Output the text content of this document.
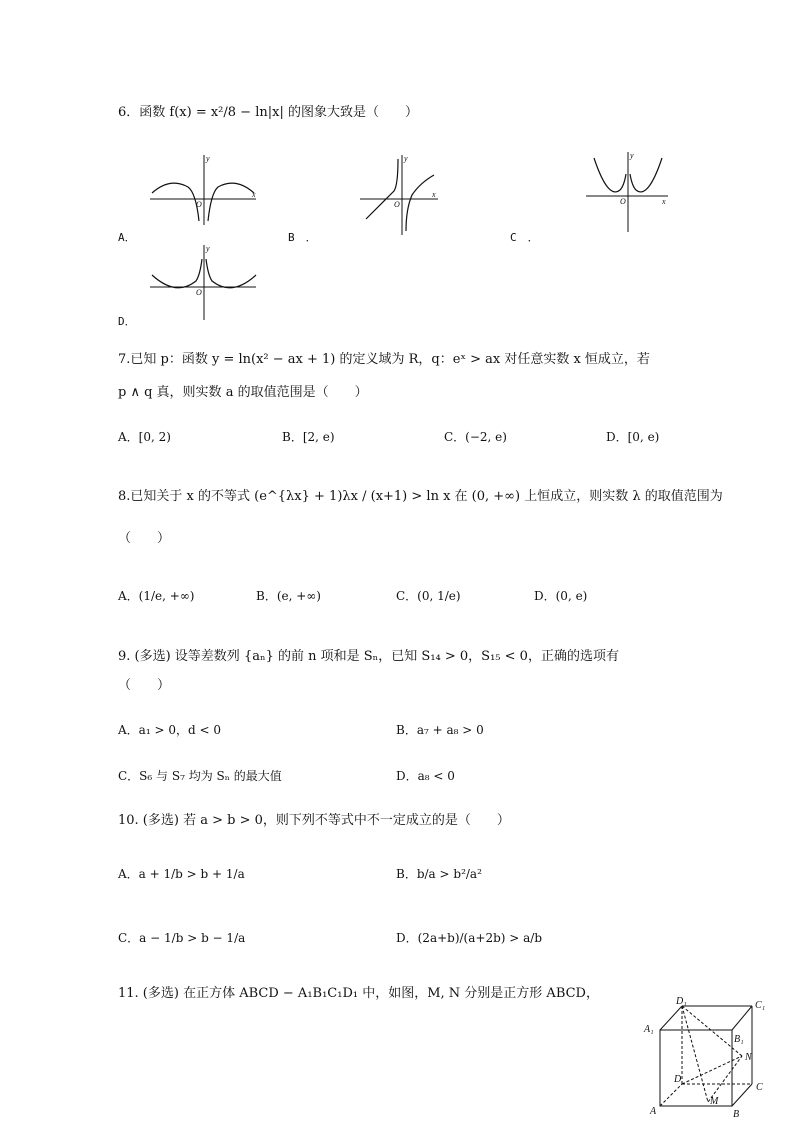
6．函数 f(x) = x²/8 − ln|x| 的图象大致是（　　）
y
x
O
A．
y
x
O
B　．
y
x
O
C　．
y
O
D．
7.已知 p：函数 y = ln(x² − ax + 1) 的定义域为 R，q：eˣ > ax 对任意实数 x 恒成立，若
p ∧ q 真，则实数 a 的取值范围是（　　）
A．[0, 2)	B．[2, e)	C．(−2, e)	D．[0, e)
8.已知关于 x 的不等式 (e^{λx} + 1)λx / (x+1) > ln x 在 (0, +∞) 上恒成立，则实数 λ 的取值范围为
（　　）
A．(1/e, +∞)	B．(e, +∞)	C．(0, 1/e)	D．(0, e)
9. (多选) 设等差数列 {aₙ} 的前 n 项和是 Sₙ，已知 S₁₄ > 0，S₁₅ < 0，正确的选项有
（　　）
A．a₁ > 0，d < 0	B．a₇ + a₈ > 0
C．S₆ 与 S₇ 均为 Sₙ 的最大值	D．a₈ < 0
10. (多选) 若 a > b > 0，则下列不等式中不一定成立的是（　　）
A．a + 1/b > b + 1/a	B．b/a > b²/a²
C．a − 1/b > b − 1/a	D．(2a+b)/(a+2b) > a/b
11. (多选) 在正方体 ABCD − A₁B₁C₁D₁ 中，如图，M, N 分别是正方形 ABCD，
D₁	C₁
A₁
B₁
N
D
C
A
M
B
